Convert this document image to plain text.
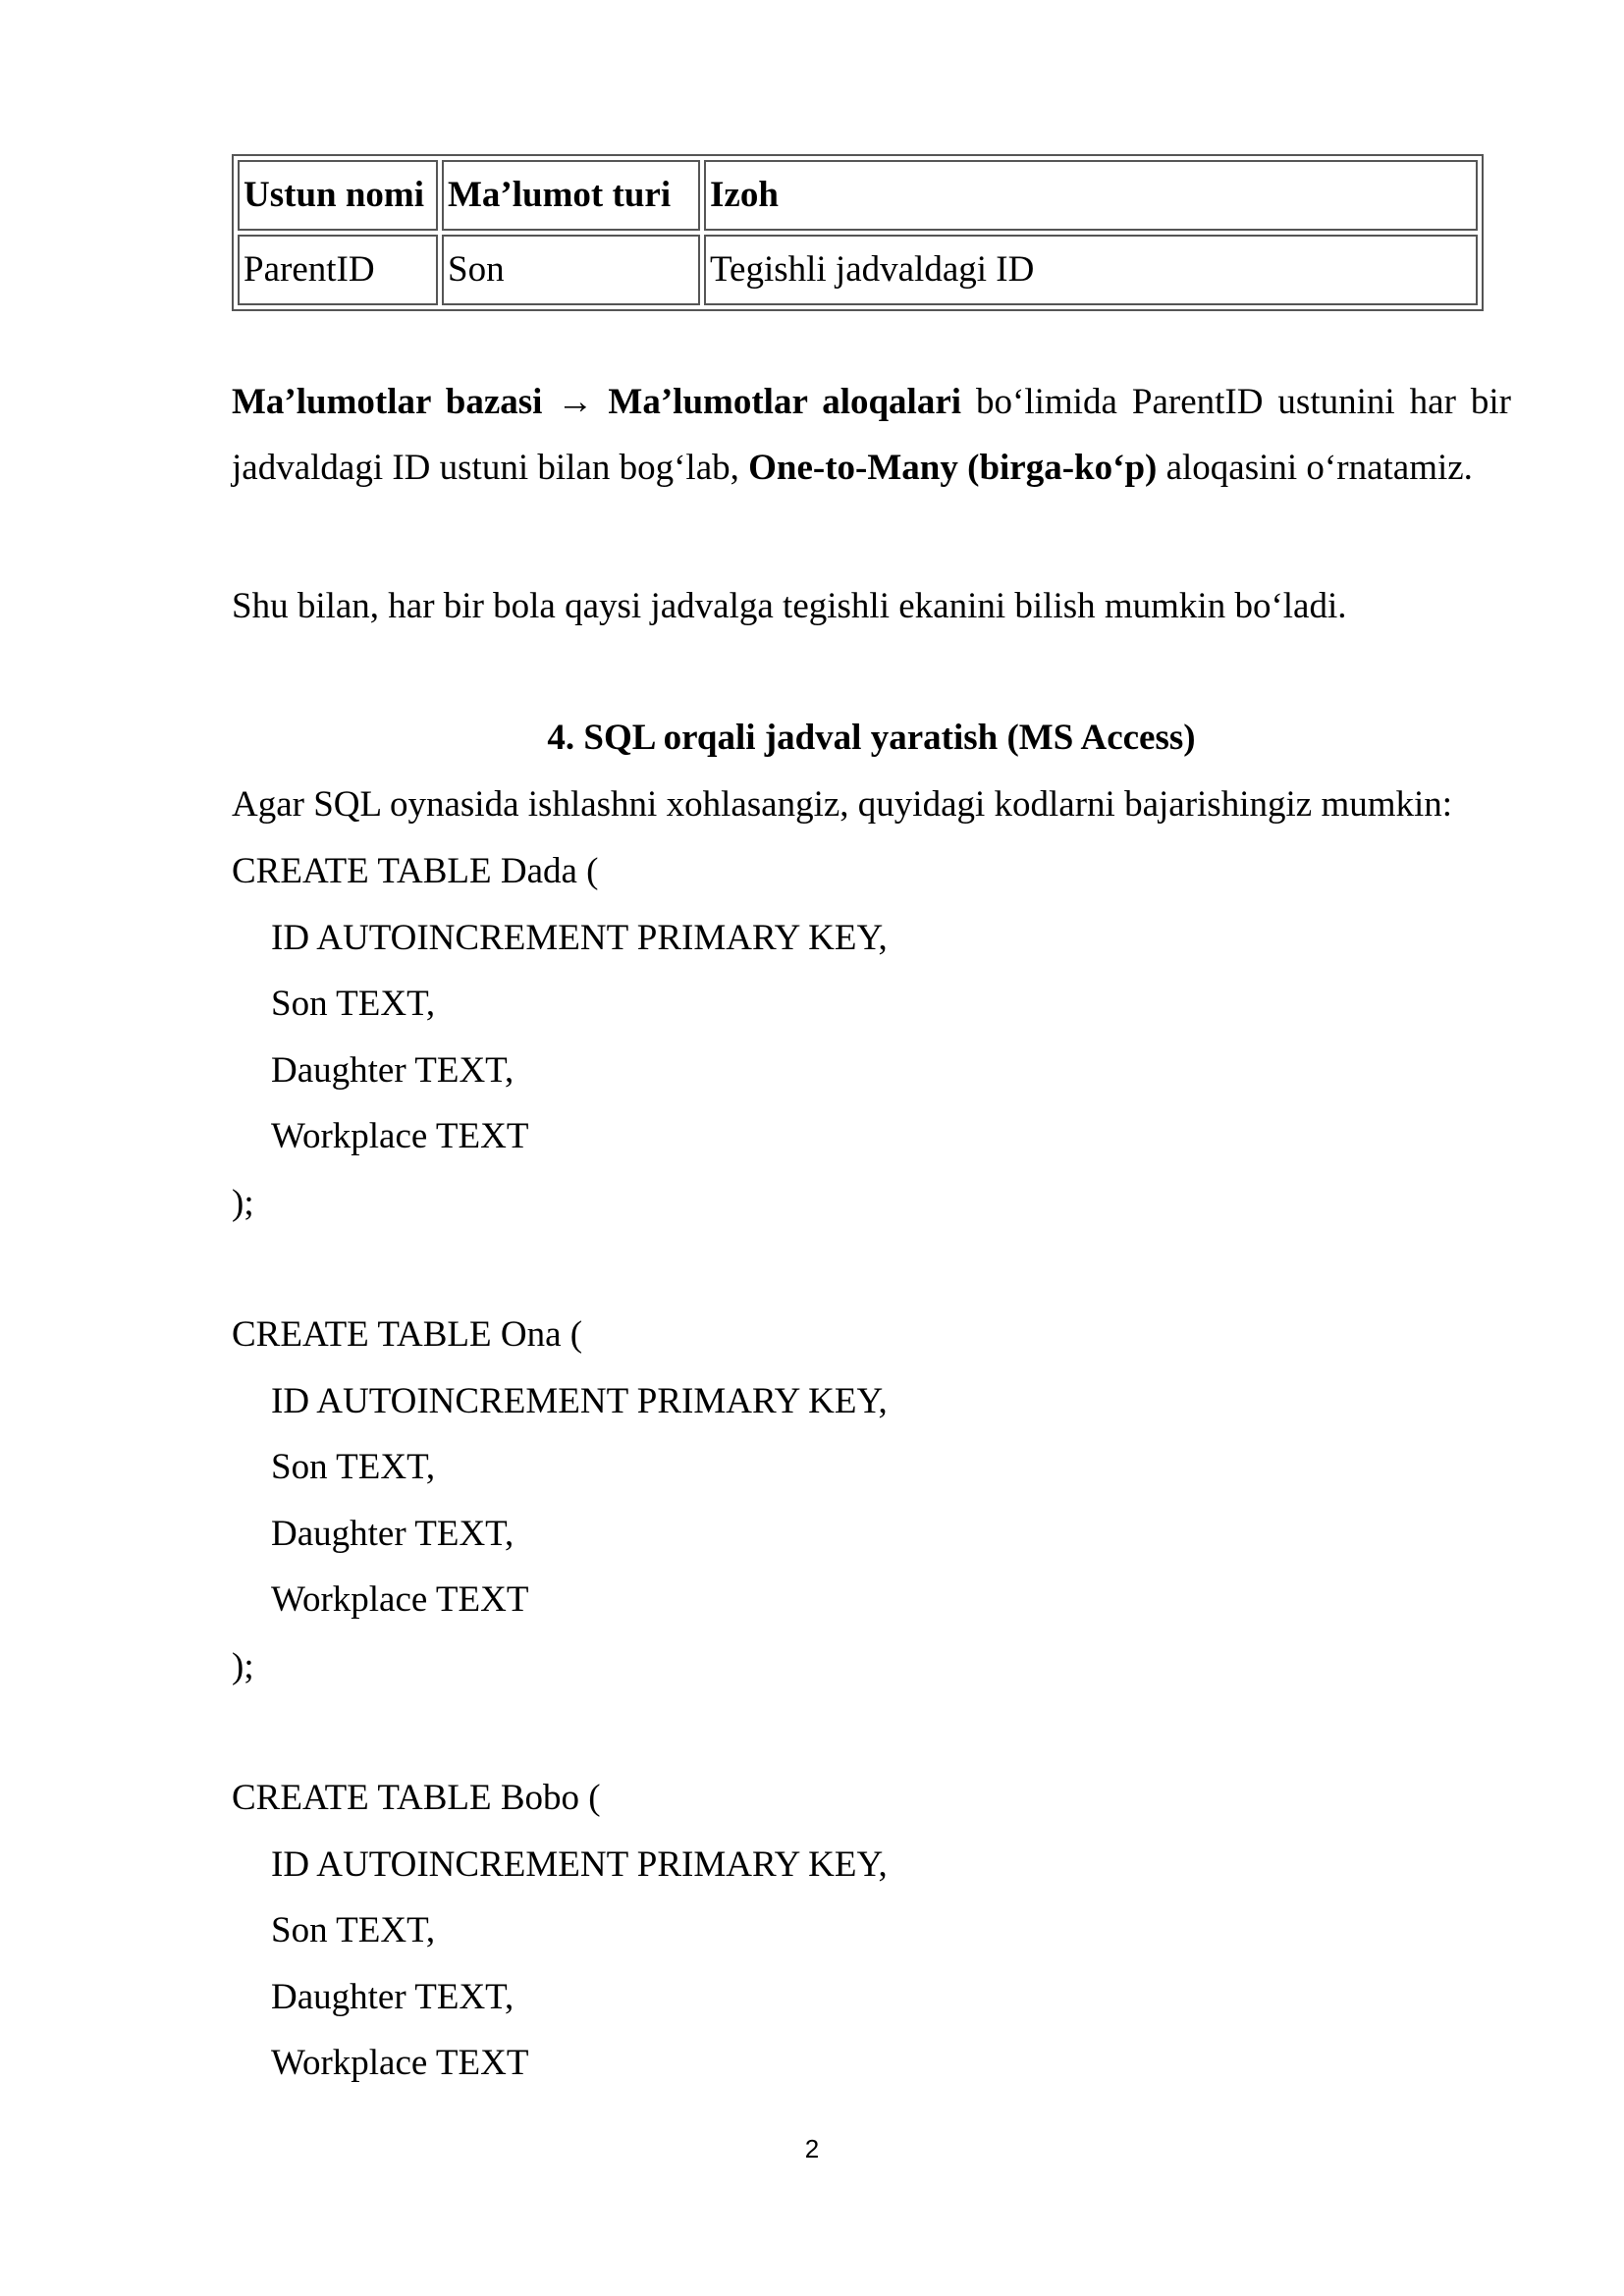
Ustun nomi	Ma’lumot turi	Izoh
ParentID	Son	Tegishli jadvaldagi ID
Ma’lumotlar bazasi → Ma’lumotlar aloqalari bo‘limida ParentID ustunini har bir jadvaldagi ID ustuni bilan bog‘lab, One-to-Many (birga-ko‘p) aloqasini o‘rnatamiz.
Shu bilan, har bir bola qaysi jadvalga tegishli ekanini bilish mumkin bo‘ladi.
4. SQL orqali jadval yaratish (MS Access)
Agar SQL oynasida ishlashni xohlasangiz, quyidagi kodlarni bajarishingiz mumkin:
CREATE TABLE Dada (
ID AUTOINCREMENT PRIMARY KEY,
Son TEXT,
Daughter TEXT,
Workplace TEXT
);
CREATE TABLE Ona (
ID AUTOINCREMENT PRIMARY KEY,
Son TEXT,
Daughter TEXT,
Workplace TEXT
);
CREATE TABLE Bobo (
ID AUTOINCREMENT PRIMARY KEY,
Son TEXT,
Daughter TEXT,
Workplace TEXT
2
